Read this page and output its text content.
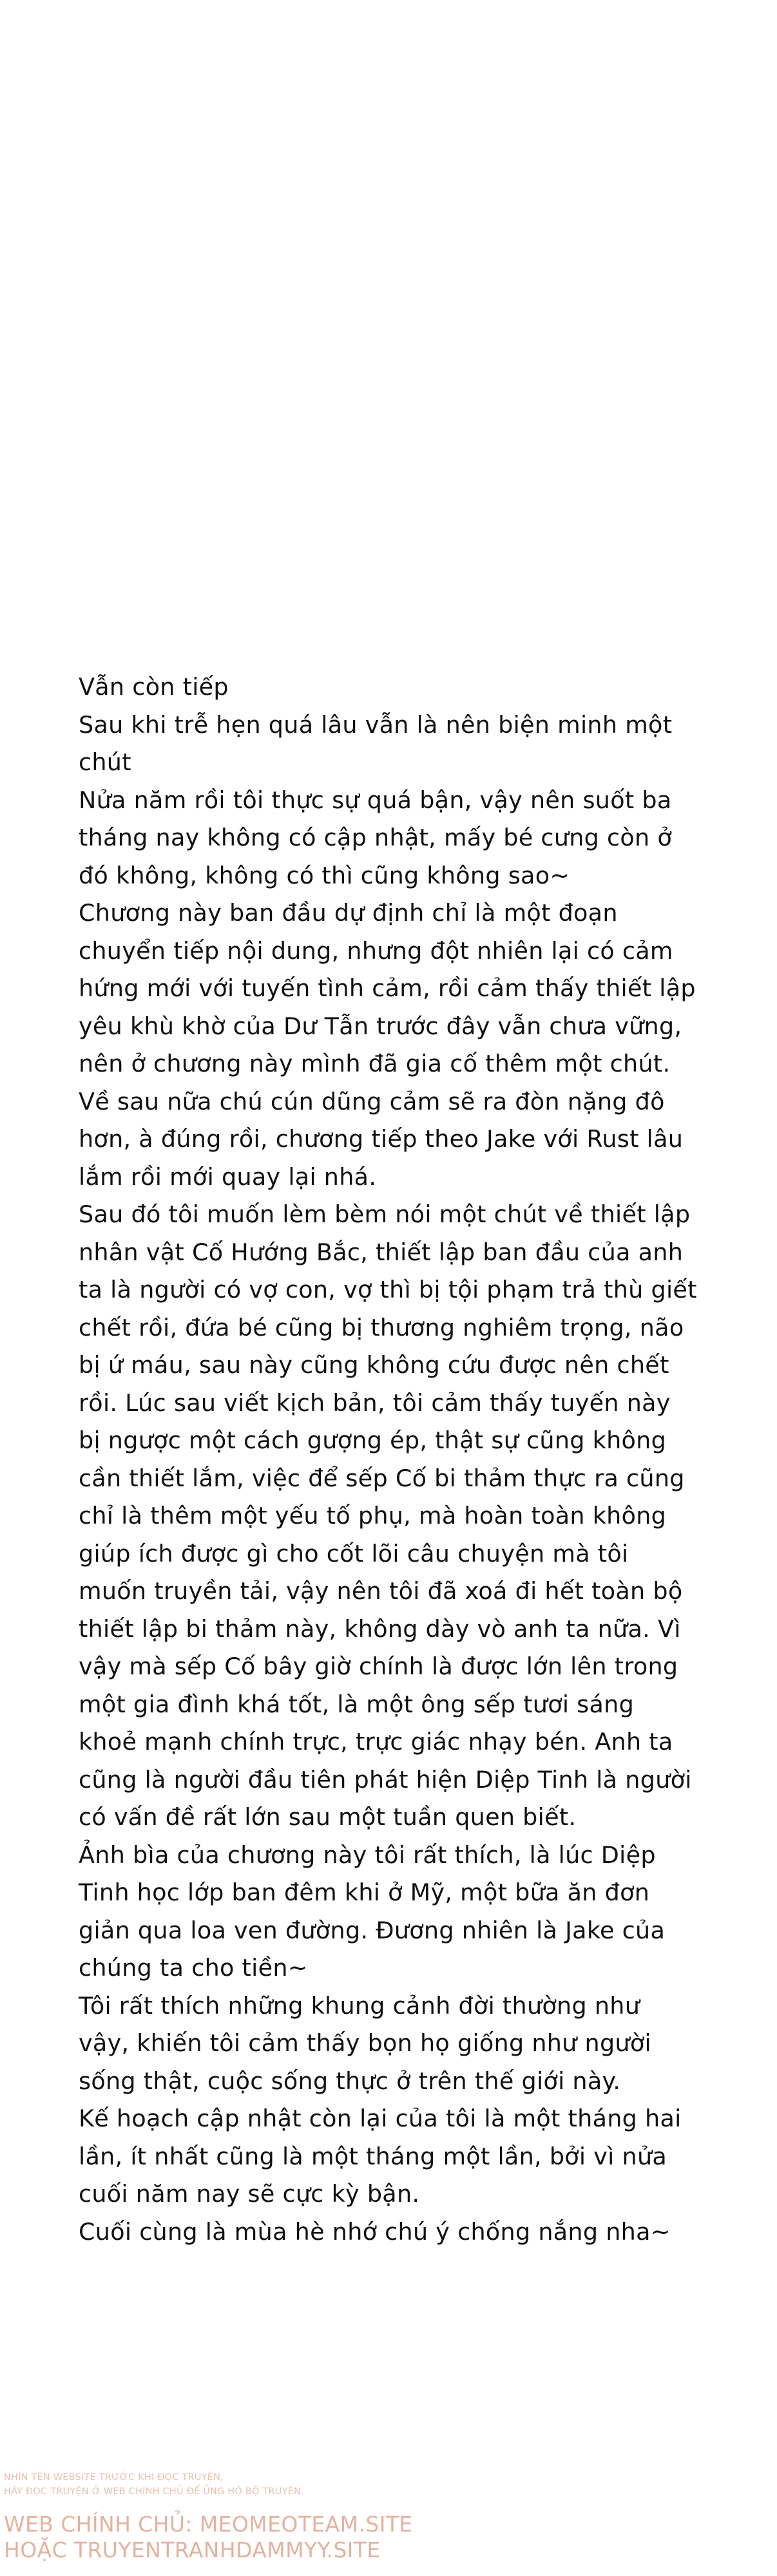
Vẫn còn tiếp

Sau khi trễ hẹn quá lâu vẫn là nên biện minh một chút

Nửa năm rồi tôi thực sự quá bận, vậy nên suốt ba tháng nay không có cập nhật, mấy bé cưng còn ở đó không, không có thì cũng không sao~

Chương này ban đầu dự định chỉ là một đoạn chuyển tiếp nội dung, nhưng đột nhiên lại có cảm hứng mới với tuyến tình cảm, rồi cảm thấy thiết lập yêu khù khờ của Dư Tẫn trước đây vẫn chưa vững, nên ở chương này mình đã gia cố thêm một chút.

Về sau nữa chú cún dũng cảm sẽ ra đòn nặng đô hơn, à đúng rồi, chương tiếp theo Jake với Rust lâu lắm rồi mới quay lại nhá.

Sau đó tôi muốn lèm bèm nói một chút về thiết lập nhân vật Cố Hướng Bắc, thiết lập ban đầu của anh ta là người có vợ con, vợ thì bị tội phạm trả thù giết chết rồi, đứa bé cũng bị thương nghiêm trọng, não bị ứ máu, sau này cũng không cứu được nên chết rồi. Lúc sau viết kịch bản, tôi cảm thấy tuyến này bị ngược một cách gượng ép, thật sự cũng không cần thiết lắm, việc để sếp Cố bi thảm thực ra cũng chỉ là thêm một yếu tố phụ, mà hoàn toàn không giúp ích được gì cho cốt lõi câu chuyện mà tôi muốn truyền tải, vậy nên tôi đã xoá đi hết toàn bộ thiết lập bi thảm này, không dày vò anh ta nữa. Vì vậy mà sếp Cố bây giờ chính là được lớn lên trong một gia đình khá tốt, là một ông sếp tươi sáng khoẻ mạnh chính trực, trực giác nhạy bén. Anh ta cũng là người đầu tiên phát hiện Diệp Tinh là người có vấn đề rất lớn sau một tuần quen biết.

Ảnh bìa của chương này tôi rất thích, là lúc Diệp Tinh học lớp ban đêm khi ở Mỹ, một bữa ăn đơn giản qua loa ven đường. Đương nhiên là Jake của chúng ta cho tiền~

Tôi rất thích những khung cảnh đời thường như vậy, khiến tôi cảm thấy bọn họ giống như người sống thật, cuộc sống thực ở trên thế giới này.

Kế hoạch cập nhật còn lại của tôi là một tháng hai lần, ít nhất cũng là một tháng một lần, bởi vì nửa cuối năm nay sẽ cực kỳ bận.

Cuối cùng là mùa hè nhớ chú ý chống nắng nha~

NHÌN TÊN WEBSITE TRƯỚC KHI ĐỌC TRUYỆN,
HÃY ĐỌC TRUYỆN Ở WEB CHÍNH CHỦ ĐỂ ỦNG HỘ BỘ TRUYỆN.
WEB CHÍNH CHỦ: MEOMEOTEAM.SITE
HOẶC TRUYENTRANHDAMMYY.SITE
